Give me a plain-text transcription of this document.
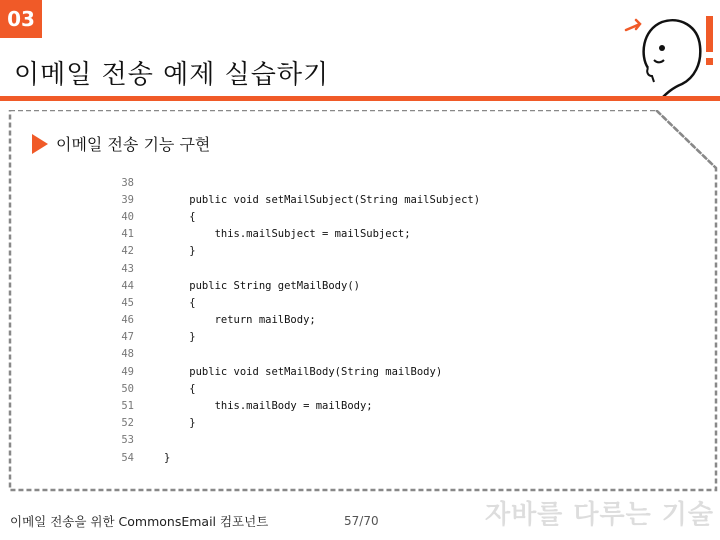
03
이메일 전송 예제 실습하기
이메일 전송 기능 구현
38
39	public void setMailSubject(String mailSubject)
40	{
41	this.mailSubject = mailSubject;
42	}
43
44	public String getMailBody()
45	{
46	return mailBody;
47	}
48
49	public void setMailBody(String mailBody)
50	{
51	this.mailBody = mailBody;
52	}
53
54	}
이메일 전송을 위한 CommonsEmail 컴포넌트	57/70	자바를 다루는 기술
